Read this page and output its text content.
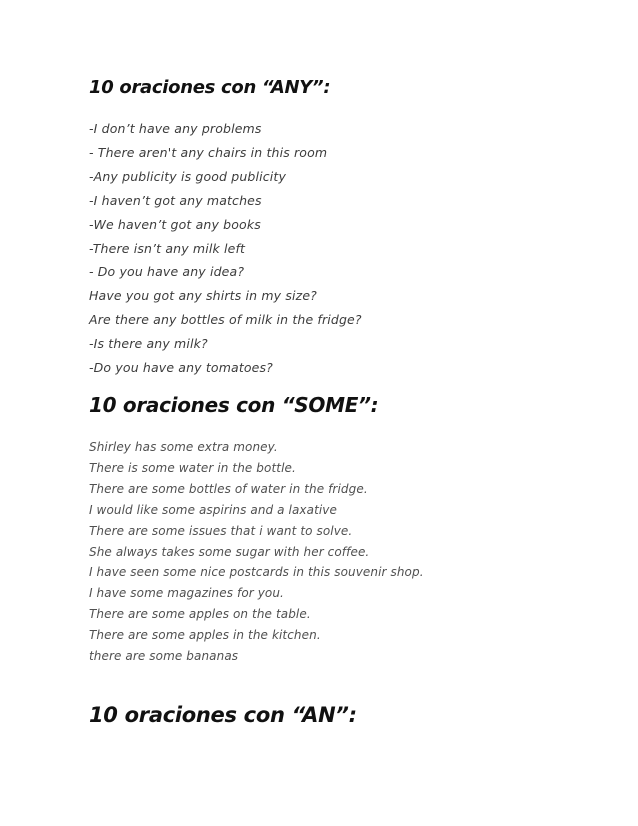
10 oraciones con “ANY”:
-I don’t have any problems
- There aren't any chairs in this room
-Any publicity is good publicity
-I haven’t got any matches
-We haven’t got any books
-There isn’t any milk left
- Do you have any idea?
Have you got any shirts in my size?
Are there any bottles of milk in the fridge?
-Is there any milk?
-Do you have any tomatoes?
10 oraciones con “SOME”:
Shirley has some extra money.
There is some water in the bottle.
There are some bottles of water in the fridge.
I would like some aspirins and a laxative
There are some issues that i want to solve.
She always takes some sugar with her coffee.
I have seen some nice postcards in this souvenir shop.
I have some magazines for you.
There are some apples on the table.
There are some apples in the kitchen.
there are some bananas
10 oraciones con “AN”:
